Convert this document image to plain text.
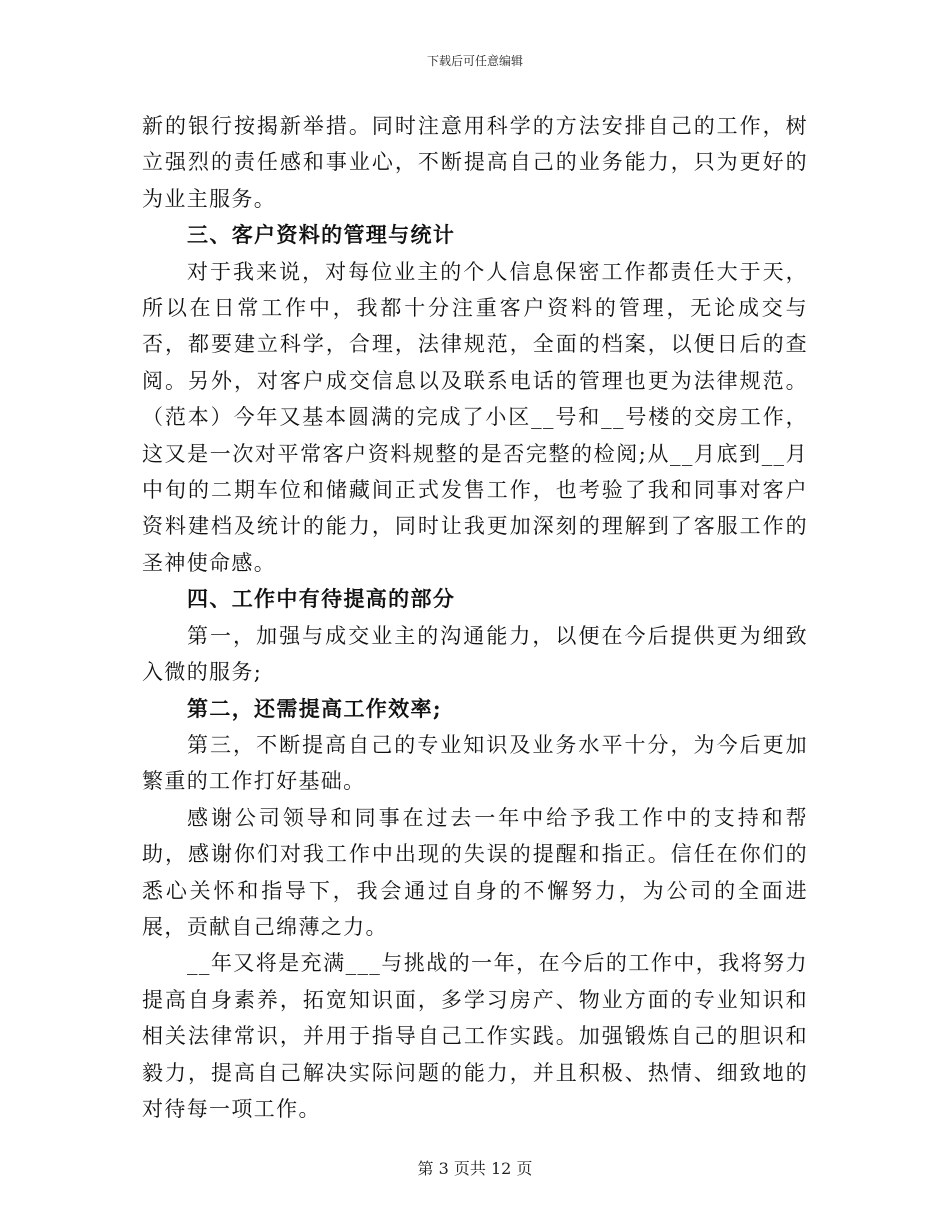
下载后可任意编辑

新的银行按揭新举措。同时注意用科学的方法安排自己的工作，树立强烈的责任感和事业心，不断提高自己的业务能力，只为更好的为业主服务。

三、客户资料的管理与统计

对于我来说，对每位业主的个人信息保密工作都责任大于天，所以在日常工作中，我都十分注重客户资料的管理，无论成交与否，都要建立科学，合理，法律规范，全面的档案，以便日后的查阅。另外，对客户成交信息以及联系电话的管理也更为法律规范。（范本）今年又基本圆满的完成了小区__号和__号楼的交房工作，这又是一次对平常客户资料规整的是否完整的检阅;从__月底到__月中旬的二期车位和储藏间正式发售工作，也考验了我和同事对客户资料建档及统计的能力，同时让我更加深刻的理解到了客服工作的圣神使命感。

四、工作中有待提高的部分

第一，加强与成交业主的沟通能力，以便在今后提供更为细致入微的服务;

第二，还需提高工作效率;

第三，不断提高自己的专业知识及业务水平十分，为今后更加繁重的工作打好基础。

感谢公司领导和同事在过去一年中给予我工作中的支持和帮助，感谢你们对我工作中出现的失误的提醒和指正。信任在你们的悉心关怀和指导下，我会通过自身的不懈努力，为公司的全面进展，贡献自己绵薄之力。

__年又将是充满___与挑战的一年，在今后的工作中，我将努力提高自身素养，拓宽知识面，多学习房产、物业方面的专业知识和相关法律常识，并用于指导自己工作实践。加强锻炼自己的胆识和毅力，提高自己解决实际问题的能力，并且积极、热情、细致地的对待每一项工作。

第 3 页共 12 页
